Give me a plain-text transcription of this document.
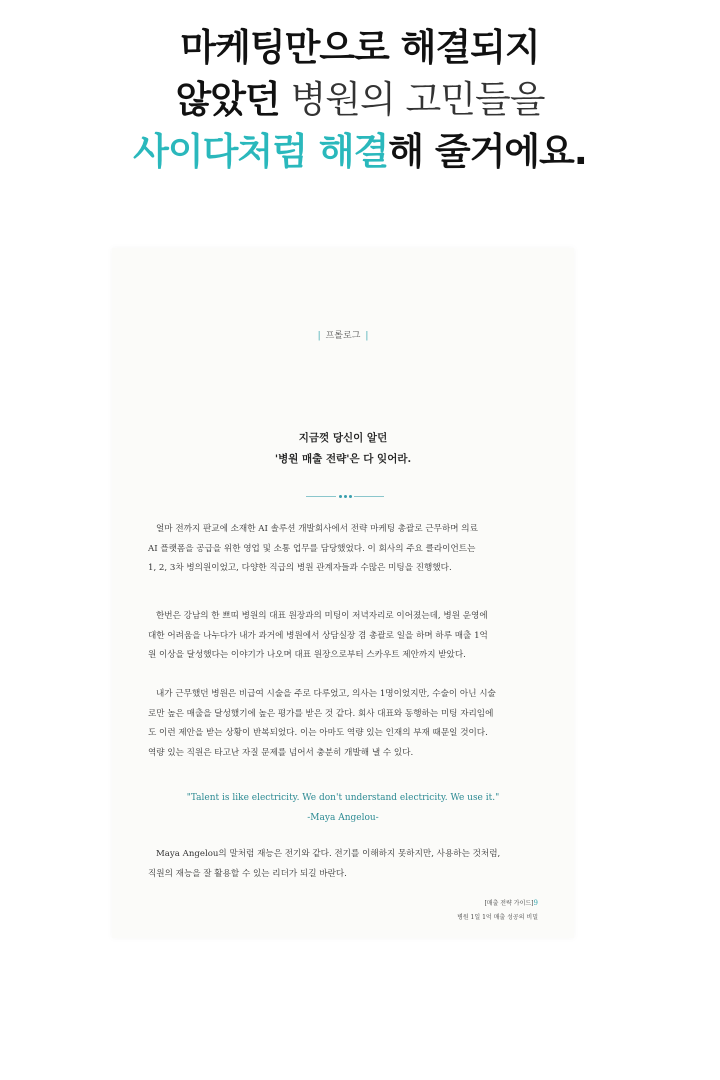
마케팅만으로 해결되지
않았던 병원의 고민들을
사이다처럼 해결해 줄거에요.
| 프롤로그 |
지금껏 당신이 알던
'병원 매출 전략'은 다 잊어라.
얼마 전까지 판교에 소재한 AI 솔루션 개발회사에서 전략 마케팅 총괄로 근무하며 의료
AI 플랫폼을 공급을 위한 영업 및 소통 업무를 담당했었다. 이 회사의 주요 클라이언트는
1, 2, 3차 병의원이었고, 다양한 직급의 병원 관계자들과 수많은 미팅을 진행했다.
한번은 강남의 한 쁘띠 병원의 대표 원장과의 미팅이 저녁자리로 이어졌는데, 병원 운영에
대한 어려움을 나누다가 내가 과거에 병원에서 상담실장 겸 총괄로 일을 하며 하루 매출 1억
원 이상을 달성했다는 이야기가 나오며 대표 원장으로부터 스카우트 제안까지 받았다.
내가 근무했던 병원은 비급여 시술을 주로 다루었고, 의사는 1명이었지만, 수술이 아닌 시술
로만 높은 매출을 달성했기에 높은 평가를 받은 것 같다. 회사 대표와 동행하는 미팅 자리임에
도 이런 제안을 받는 상황이 반복되었다. 이는 아마도 역량 있는 인재의 부재 때문일 것이다.
역량 있는 직원은 타고난 자질 문제를 넘어서 충분히 개발해 낼 수 있다.
"Talent is like electricity. We don't understand electricity. We use it."
-Maya Angelou-
Maya Angelou의 말처럼 재능은 전기와 같다. 전기를 이해하지 못하지만, 사용하는 것처럼,
직원의 재능을 잘 활용할 수 있는 리더가 되길 바란다.
[매출 전략 가이드]9
병원 1일 1억 매출 성공의 비밀
